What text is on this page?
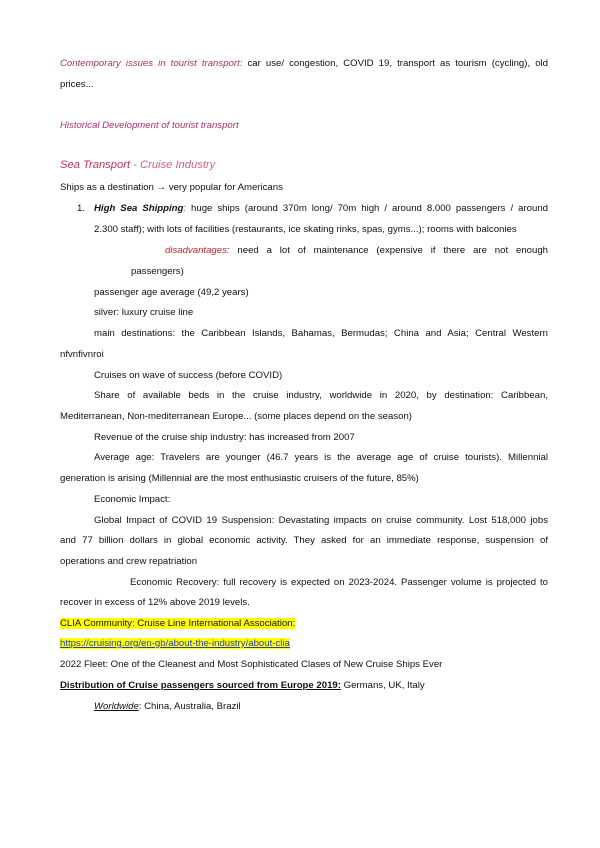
Contemporary issues in tourist transport: car use/ congestion, COVID 19, transport as tourism (cycling), old
prices...
Historical Development of tourist transport
Sea Transport - Cruise Industry
Ships as a destination → very popular for Americans
1. High Sea Shipping: huge ships (around 370m long/ 70m high / around 8.000 passengers / around
2.300 staff); with lots of facilities (restaurants, ice skating rinks, spas, gyms...); rooms with balconies
disadvantages: need a lot of maintenance (expensive if there are not enough
passengers)
passenger age average (49,2 years)
silver: luxury cruise line
main destinations: the Caribbean Islands, Bahamas, Bermudas; China and Asia; Central Western
nfvnfivnroi
Cruises on wave of success (before COVID)
Share of available beds in the cruise industry, worldwide in 2020, by destination: Caribbean,
Mediterranean, Non-mediterranean Europe... (some places depend on the season)
Revenue of the cruise ship industry: has increased from 2007
Average age: Travelers are younger (46.7 years is the average age of cruise tourists). Millennial
generation is arising (Millennial are the most enthusiastic cruisers of the future, 85%)
Economic Impact:
Global Impact of COVID 19 Suspension: Devastating impacts on cruise community. Lost 518,000 jobs
and 77 billion dollars in global economic activity. They asked for an immediate response, suspension of
operations and crew repatriation
Economic Recovery: full recovery is expected on 2023-2024. Passenger volume is projected to
recover in excess of 12% above 2019 levels.
CLIA Community: Cruise Line International Association:
https://cruising.org/en-gb/about-the-industry/about-clia
2022 Fleet: One of the Cleanest and Most Sophisticated Clases of New Cruise Ships Ever
Distribution of Cruise passengers sourced from Europe 2019: Germans, UK, Italy
Worldwide: China, Australia, Brazil
